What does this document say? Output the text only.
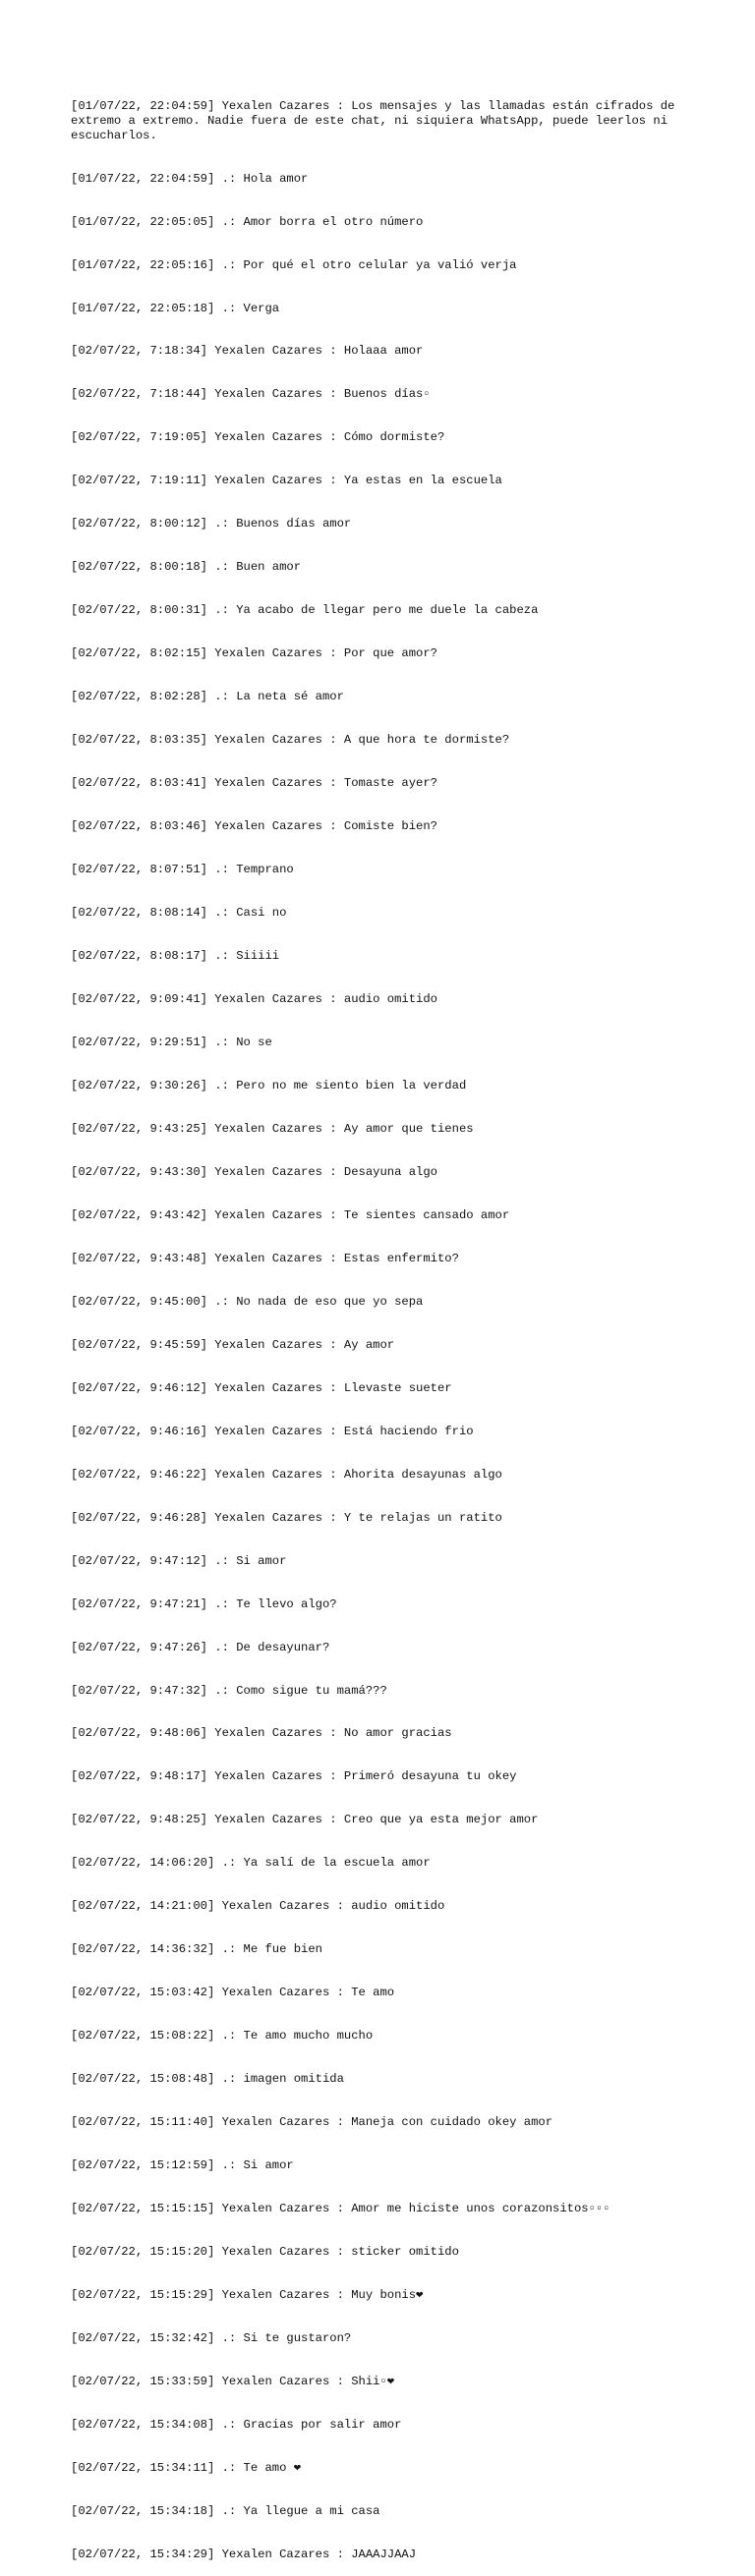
[01/07/22, 22:04:59] Yexalen Cazares : Los mensajes y las llamadas están cifrados de extremo a extremo. Nadie fuera de este chat, ni siquiera WhatsApp, puede leerlos ni escucharlos.

[01/07/22, 22:04:59] .: Hola amor

[01/07/22, 22:05:05] .: Amor borra el otro número

[01/07/22, 22:05:16] .: Por qué el otro celular ya valió verja

[01/07/22, 22:05:18] .: Verga

[02/07/22, 7:18:34] Yexalen Cazares : Holaaa amor

[02/07/22, 7:18:44] Yexalen Cazares : Buenos días▫

[02/07/22, 7:19:05] Yexalen Cazares : Cómo dormiste?

[02/07/22, 7:19:11] Yexalen Cazares : Ya estas en la escuela

[02/07/22, 8:00:12] .: Buenos días amor

[02/07/22, 8:00:18] .: Buen amor

[02/07/22, 8:00:31] .: Ya acabo de llegar pero me duele la cabeza

[02/07/22, 8:02:15] Yexalen Cazares : Por que amor?

[02/07/22, 8:02:28] .: La neta sé amor

[02/07/22, 8:03:35] Yexalen Cazares : A que hora te dormiste?

[02/07/22, 8:03:41] Yexalen Cazares : Tomaste ayer?

[02/07/22, 8:03:46] Yexalen Cazares : Comiste bien?

[02/07/22, 8:07:51] .: Temprano

[02/07/22, 8:08:14] .: Casi no

[02/07/22, 8:08:17] .: Siiiii

[02/07/22, 9:09:41] Yexalen Cazares : audio omitido

[02/07/22, 9:29:51] .: No se

[02/07/22, 9:30:26] .: Pero no me siento bien la verdad

[02/07/22, 9:43:25] Yexalen Cazares : Ay amor que tienes

[02/07/22, 9:43:30] Yexalen Cazares : Desayuna algo

[02/07/22, 9:43:42] Yexalen Cazares : Te sientes cansado amor

[02/07/22, 9:43:48] Yexalen Cazares : Estas enfermito?

[02/07/22, 9:45:00] .: No nada de eso que yo sepa

[02/07/22, 9:45:59] Yexalen Cazares : Ay amor

[02/07/22, 9:46:12] Yexalen Cazares : Llevaste sueter

[02/07/22, 9:46:16] Yexalen Cazares : Está haciendo frio

[02/07/22, 9:46:22] Yexalen Cazares : Ahorita desayunas algo

[02/07/22, 9:46:28] Yexalen Cazares : Y te relajas un ratito

[02/07/22, 9:47:12] .: Si amor

[02/07/22, 9:47:21] .: Te llevo algo?

[02/07/22, 9:47:26] .: De desayunar?

[02/07/22, 9:47:32] .: Como sigue tu mamá???

[02/07/22, 9:48:06] Yexalen Cazares : No amor gracias

[02/07/22, 9:48:17] Yexalen Cazares : Primeró desayuna tu okey

[02/07/22, 9:48:25] Yexalen Cazares : Creo que ya esta mejor amor

[02/07/22, 14:06:20] .: Ya salí de la escuela amor

[02/07/22, 14:21:00] Yexalen Cazares : audio omitido

[02/07/22, 14:36:32] .: Me fue bien

[02/07/22, 15:03:42] Yexalen Cazares : Te amo

[02/07/22, 15:08:22] .: Te amo mucho mucho

[02/07/22, 15:08:48] .: imagen omitida

[02/07/22, 15:11:40] Yexalen Cazares : Maneja con cuidado okey amor

[02/07/22, 15:12:59] .: Si amor

[02/07/22, 15:15:15] Yexalen Cazares : Amor me hiciste unos corazonsitos▫▫▫

[02/07/22, 15:15:20] Yexalen Cazares : sticker omitido

[02/07/22, 15:15:29] Yexalen Cazares : Muy bonis❤

[02/07/22, 15:32:42] .: Si te gustaron?

[02/07/22, 15:33:59] Yexalen Cazares : Shii▫❤

[02/07/22, 15:34:08] .: Gracias por salir amor

[02/07/22, 15:34:11] .: Te amo ❤

[02/07/22, 15:34:18] .: Ya llegue a mi casa

[02/07/22, 15:34:29] Yexalen Cazares : JAAAJJAAJ
